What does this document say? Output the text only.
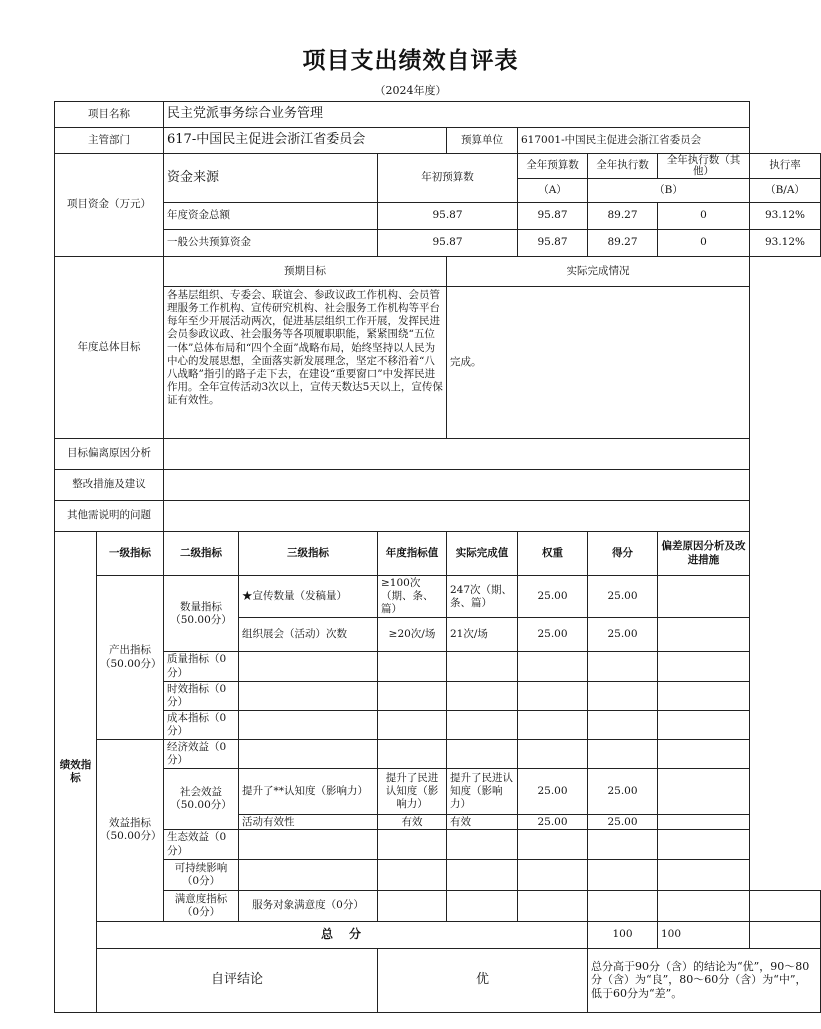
项目支出绩效自评表
（2024年度）
项目名称		民主党派事务综合业务管理							
主管部门		617-中国民主促进会浙江省委员会			预算单位	617001-中国民主促进会浙江省委员会			
项目资金（万元）		资金来源		年初预算数		全年预算数	全年执行数	全年执行数（其他）	执行率
						（A）	（B）		（B/A）
		年度资金总额		95.87		95.87	89.27	0	93.12%
		一般公共预算资金		95.87		95.87	89.27	0	93.12%
年度总体目标		预期目标			实际完成情况				
		各基层组织、专委会、联谊会、参政议政工作机构、会员管理服务工作机构、宣传研究机构、社会服务工作机构等平台每年至少开展活动两次，促进基层组织工作开展，发挥民进会员参政议政、社会服务等各项履职职能，紧紧围绕“五位一体”总体布局和“四个全面”战略布局，始终坚持以人民为中心的发展思想，全面落实新发展理念，坚定不移沿着“八八战略”指引的路子走下去，在建设“重要窗口”中发挥民进作用。全年宣传活动3次以上，宣传天数达5天以上，宣传保证有效性。			完成。				
目标偏离原因分析									
整改措施及建议									
其他需说明的问题									
绩效指标	一级指标	二级指标	三级指标	年度指标值	实际完成值	权重	得分	偏差原因分析及改进措施	
	产出指标（50.00分）	数量指标（50.00分）	★宣传数量（发稿量）	≥100次（期、条、篇）	247次（期、条、篇）	25.00	25.00		
			组织展会（活动）次数	≥20次/场	21次/场	25.00	25.00		
		质量指标（0分）							
		时效指标（0分）							
		成本指标（0分）							
	效益指标（50.00分）	经济效益（0分）							
		社会效益（50.00分）	提升了**认知度（影响力）	提升了民进认知度（影响力）	提升了民进认知度（影响力）	25.00	25.00		
			活动有效性	有效	有效	25.00	25.00		
		生态效益（0分）							
		可持续影响（0分）							
		满意度指标（0分）	服务对象满意度（0分）						
	总　分						100	100	
	自评结论			优			总分高于90分（含）的结论为“优”，90～80分（含）为“良”，80～60分（含）为“中”，低于60分为“差”。		
